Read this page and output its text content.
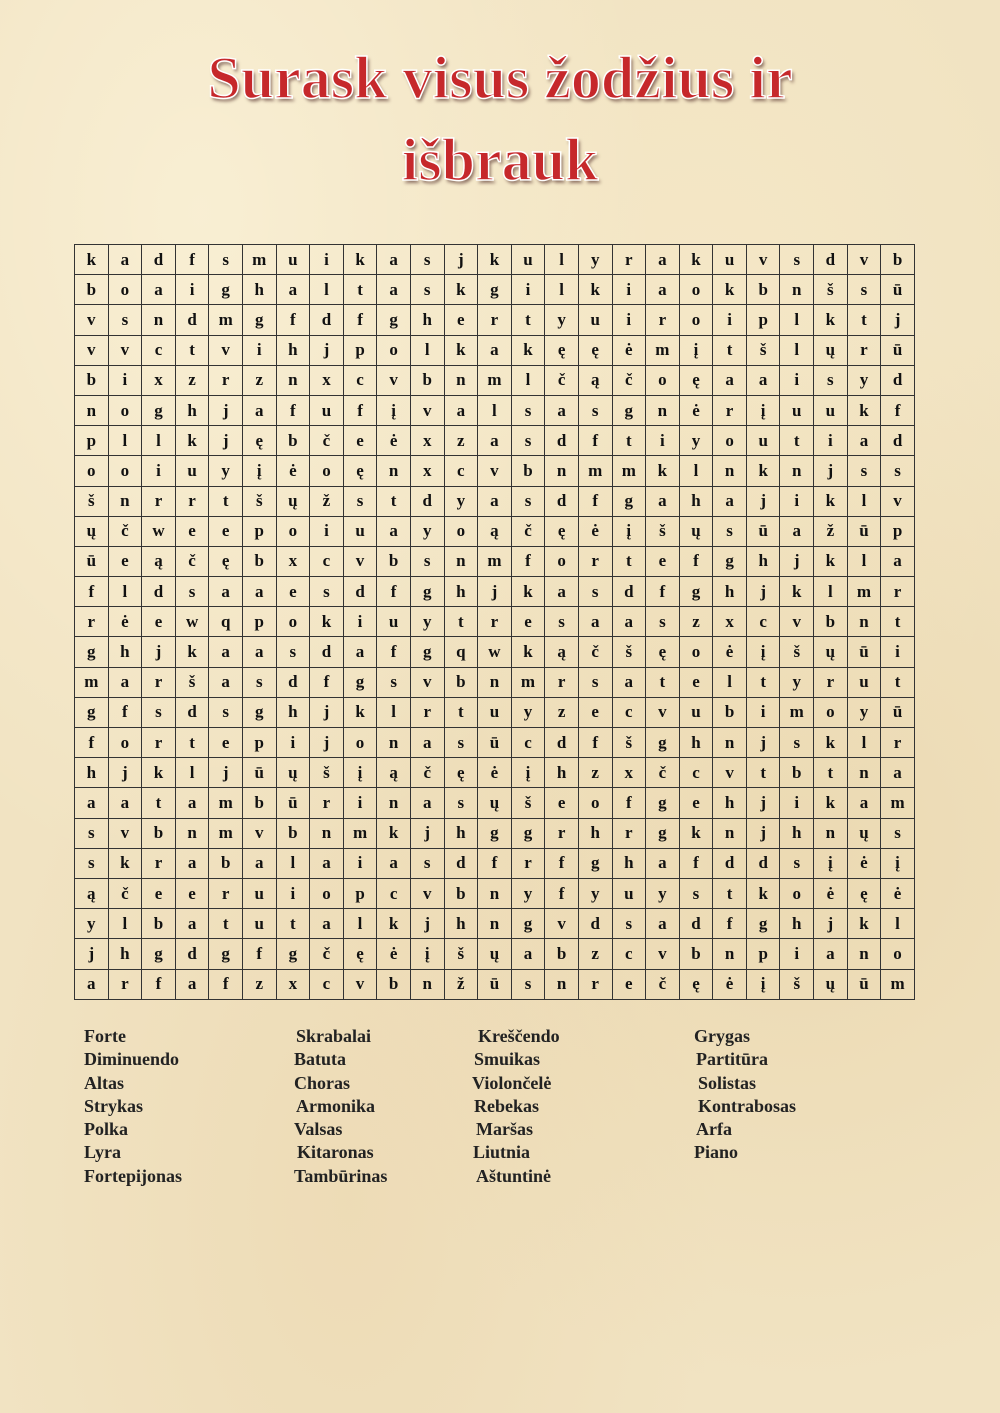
Surask visus žodžius ir
išbrauk
k	a	d	f	s	m	u	i	k	a	s	j	k	u	l	y	r	a	k	u	v	s	d	v	b
b	o	a	i	g	h	a	l	t	a	s	k	g	i	l	k	i	a	o	k	b	n	š	s	ū
v	s	n	d	m	g	f	d	f	g	h	e	r	t	y	u	i	r	o	i	p	l	k	t	j
v	v	c	t	v	i	h	j	p	o	l	k	a	k	ę	ę	ė	m	į	t	š	l	ų	r	ū
b	i	x	z	r	z	n	x	c	v	b	n	m	l	č	ą	č	o	ę	a	a	i	s	y	d
n	o	g	h	j	a	f	u	f	į	v	a	l	s	a	s	g	n	ė	r	į	u	u	k	f
p	l	l	k	j	ę	b	č	e	ė	x	z	a	s	d	f	t	i	y	o	u	t	i	a	d
o	o	i	u	y	į	ė	o	ę	n	x	c	v	b	n	m	m	k	l	n	k	n	j	s	s
š	n	r	r	t	š	ų	ž	s	t	d	y	a	s	d	f	g	a	h	a	j	i	k	l	v
ų	č	w	e	e	p	o	i	u	a	y	o	ą	č	ę	ė	į	š	ų	s	ū	a	ž	ū	p
ū	e	ą	č	ę	b	x	c	v	b	s	n	m	f	o	r	t	e	f	g	h	j	k	l	a
f	l	d	s	a	a	e	s	d	f	g	h	j	k	a	s	d	f	g	h	j	k	l	m	r
r	ė	e	w	q	p	o	k	i	u	y	t	r	e	s	a	a	s	z	x	c	v	b	n	t
g	h	j	k	a	a	s	d	a	f	g	q	w	k	ą	č	š	ę	o	ė	į	š	ų	ū	i
m	a	r	š	a	s	d	f	g	s	v	b	n	m	r	s	a	t	e	l	t	y	r	u	t
g	f	s	d	s	g	h	j	k	l	r	t	u	y	z	e	c	v	u	b	i	m	o	y	ū
f	o	r	t	e	p	i	j	o	n	a	s	ū	c	d	f	š	g	h	n	j	s	k	l	r
h	j	k	l	j	ū	ų	š	į	ą	č	ę	ė	į	h	z	x	č	c	v	t	b	t	n	a
a	a	t	a	m	b	ū	r	i	n	a	s	ų	š	e	o	f	g	e	h	j	i	k	a	m
s	v	b	n	m	v	b	n	m	k	j	h	g	g	r	h	r	g	k	n	j	h	n	ų	s
s	k	r	a	b	a	l	a	i	a	s	d	f	r	f	g	h	a	f	d	d	s	į	ė	į
ą	č	e	e	r	u	i	o	p	c	v	b	n	y	f	y	u	y	s	t	k	o	ė	ę	ė
y	l	b	a	t	u	t	a	l	k	j	h	n	g	v	d	s	a	d	f	g	h	j	k	l
j	h	g	d	g	f	g	č	ę	ė	į	š	ų	a	b	z	c	v	b	n	p	i	a	n	o
a	r	f	a	f	z	x	c	v	b	n	ž	ū	s	n	r	e	č	ę	ė	į	š	ų	ū	m
Forte
Diminuendo
Altas
Strykas
Polka
Lyra
Fortepijonas
Skrabalai
Batuta
Choras
Armonika
Valsas
Kitaronas
Tambūrinas
Kreščendo
Smuikas
Violončelė
Rebekas
Maršas
Liutnia
Aštuntinė
Grygas
Partitūra
Solistas
Kontrabosas
Arfa
Piano
